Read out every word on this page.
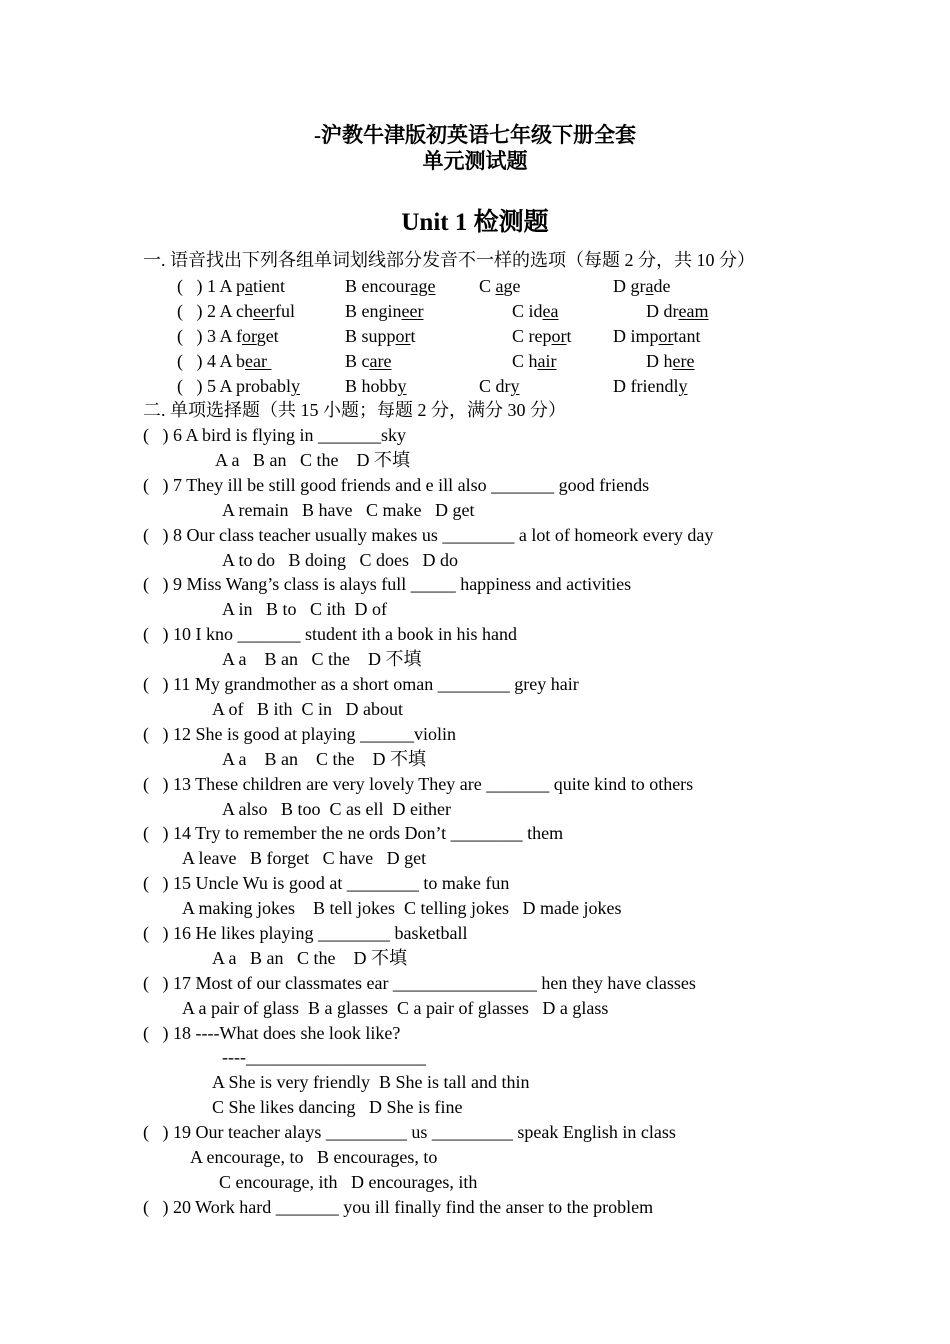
-沪教牛津版初英语七年级下册全套
单元测试题
Unit 1 检测题
一. 语音找出下列各组单词划线部分发音不一样的选项（每题 2 分，共 10 分）
(   ) 1 A patient	B encourage C age	D grade
(   ) 2 A cheerful	B engineer	C idea	D dream
(   ) 3 A forget	B support	C report D important
(   ) 4 A bear	B care	C hair	D here
(   ) 5 A probably	B hobby	C dry	D friendly
二. 单项选择题（共 15 小题；每题 2 分，满分 30 分）
(   ) 6 A bird is flying in _______sky
A a   B an   C the    D 不填
(   ) 7 They ill be still good friends and e ill also _______ good friends
A remain   B have   C make   D get
(   ) 8 Our class teacher usually makes us ________ a lot of homeork every day
A to do   B doing   C does   D do
(   ) 9 Miss Wang’s class is alays full _____ happiness and activities
A in   B to   C ith  D of
(   ) 10 I kno _______ student ith a book in his hand
A a    B an   C the    D 不填
(   ) 11 My grandmother as a short oman ________ grey hair
A of   B ith  C in   D about
(   ) 12 She is good at playing ______violin
A a    B an    C the    D 不填
(   ) 13 These children are very lovely They are _______ quite kind to others
A also   B too  C as ell  D either
(   ) 14 Try to remember the ne ords Don’t ________ them
A leave   B forget   C have   D get
(   ) 15 Uncle Wu is good at ________ to make fun
A making jokes    B tell jokes  C telling jokes   D made jokes
(   ) 16 He likes playing ________ basketball
A a   B an   C the    D 不填
(   ) 17 Most of our classmates ear ________________ hen they have classes
A a pair of glass  B a glasses  C a pair of glasses   D a glass
(   ) 18 ----What does she look like?
----____________________
A She is very friendly  B She is tall and thin
C She likes dancing   D She is fine
(   ) 19 Our teacher alays _________ us _________ speak English in class
A encourage, to   B encourages, to
C encourage, ith   D encourages, ith
(   ) 20 Work hard _______ you ill finally find the anser to the problem
